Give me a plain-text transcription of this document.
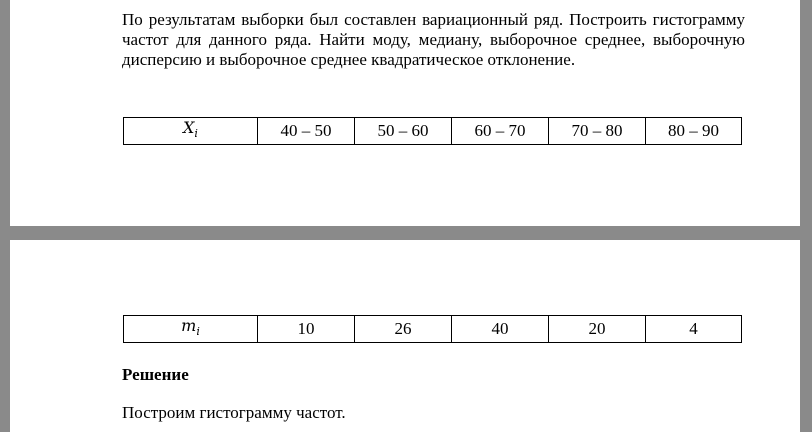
По результатам выборки был составлен вариационный ряд. Построить гистограмму частот для данного ряда. Найти моду, медиану, выборочное среднее, выборочную дисперсию и выборочное среднее квадратическое отклонение.

$X_i$	40 – 50	50 – 60	60 – 70	70 – 80	80 – 90
$m_i$	10	26	40	20	4

Решение

Построим гистограмму частот.
